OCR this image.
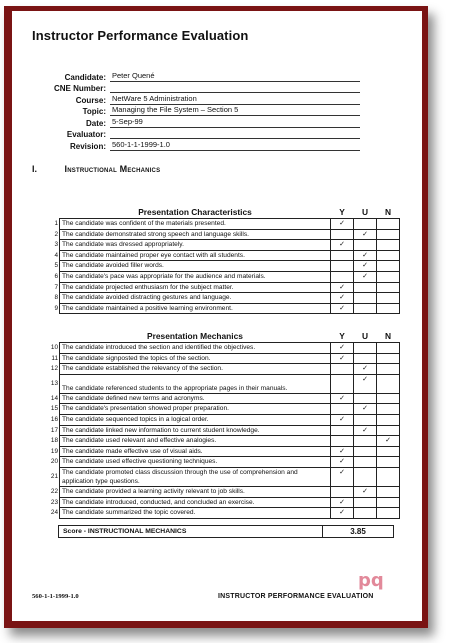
Instructor Performance Evaluation
Candidate: Peter Quené
CNE Number:
Course: NetWare 5 Administration
Topic: Managing the File System – Section 5
Date: 5-Sep-99
Evaluator:
Revision: 560-1-1-1999-1.0
I.	Instructional Mechanics
	Presentation Characteristics	Y	U	N
1	The candidate was confident of the materials presented.	✓		
2	The candidate demonstrated strong speech and language skills.		✓	
3	The candidate was dressed appropriately.	✓		
4	The candidate maintained proper eye contact with all students.		✓	
5	The candidate avoided filler words.		✓	
6	The candidate's pace was appropriate for the audience and materials.		✓	
7	The candidate projected enthusiasm for the subject matter.	✓		
8	The candidate avoided distracting gestures and language.	✓		
9	The candidate maintained a positive learning environment.	✓		
	Presentation Mechanics	Y	U	N
10	The candidate introduced the section and identified the objectives.	✓		
11	The candidate signposted the topics of the section.	✓		
12	The candidate established the relevancy of the section.		✓	
13	The candidate referenced students to the appropriate pages in their manuals.		✓	
14	The candidate defined new terms and acronyms.	✓		
15	The candidate's presentation showed proper preparation.		✓	
16	The candidate sequenced topics in a logical order.	✓		
17	The candidate linked new information to current student knowledge.		✓	
18	The candidate used relevant and effective analogies.			✓
19	The candidate made effective use of visual aids.	✓		
20	The candidate used effective questioning techniques.	✓		
21	The candidate promoted class discussion through the use of comprehension and application type questions.	✓		
22	The candidate provided a learning activity relevant to job skills.		✓	
23	The candidate introduced, conducted, and concluded an exercise.	✓		
24	The candidate summarized the topic covered.	✓		
Score - INSTRUCTIONAL MECHANICS	3.85
560-1-1-1999-1.0	INSTRUCTOR PERFORMANCE EVALUATION
pq
